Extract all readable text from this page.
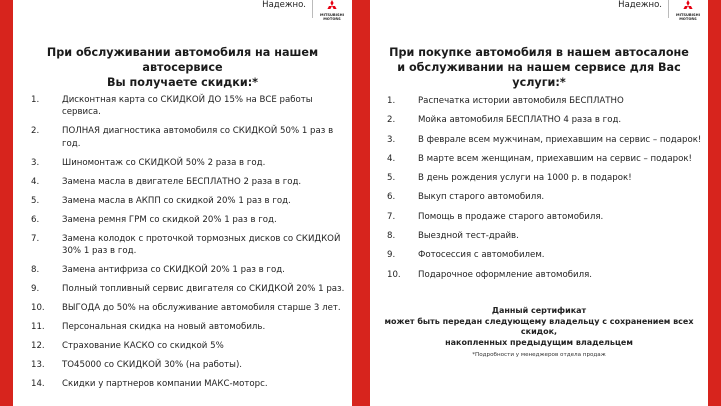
Надежно.
MITSUBISHI
MOTORS
При обслуживании автомобиля на нашем автосервисе
Вы получаете скидки:*
1.	Дисконтная карта со СКИДКОЙ ДО 15% на ВСЕ работы сервиса.
2.	ПОЛНАЯ диагностика автомобиля со СКИДКОЙ 50% 1 раз в год.
3.	Шиномонтаж со СКИДКОЙ 50% 2 раза в год.
4.	Замена масла в двигателе БЕСПЛАТНО 2 раза в год.
5.	Замена масла в АКПП со скидкой 20% 1 раз в год.
6.	Замена ремня ГРМ со скидкой 20% 1 раз в год.
7.	Замена колодок с проточкой тормозных дисков со СКИДКОЙ 30% 1 раз в год.
8.	Замена антифриза со СКИДКОЙ 20% 1 раз в год.
9.	Полный топливный сервис двигателя со СКИДКОЙ 20% 1 раз.
10.	ВЫГОДА до 50% на обслуживание автомобиля старше 3 лет.
11.	Персональная скидка на новый автомобиль.
12.	Страхование КАСКО со скидкой 5%
13.	ТО45000 со СКИДКОЙ 30% (на работы).
14.	Скидки у партнеров компании МАКС-моторс.
Надежно.
MITSUBISHI
MOTORS
При покупке автомобиля в нашем автосалоне
и обслуживании на нашем сервисе для Вас услуги:*
1.	Распечатка истории автомобиля БЕСПЛАТНО
2.	Мойка автомобиля БЕСПЛАТНО 4 раза в год.
3.	В феврале всем мужчинам, приехавшим на сервис – подарок!
4.	В марте всем женщинам, приехавшим на сервис – подарок!
5.	В день рождения услуги на 1000 р. в подарок!
6.	Выкуп старого автомобиля.
7.	Помощь в продаже старого автомобиля.
8.	Выездной тест-драйв.
9.	Фотосессия с автомобилем.
10.	Подарочное оформление автомобиля.
Данный сертификат
может быть передан следующему владельцу с сохранением всех скидок,
накопленных предыдущим владельцем
*Подробности у менеджеров отдела продаж
